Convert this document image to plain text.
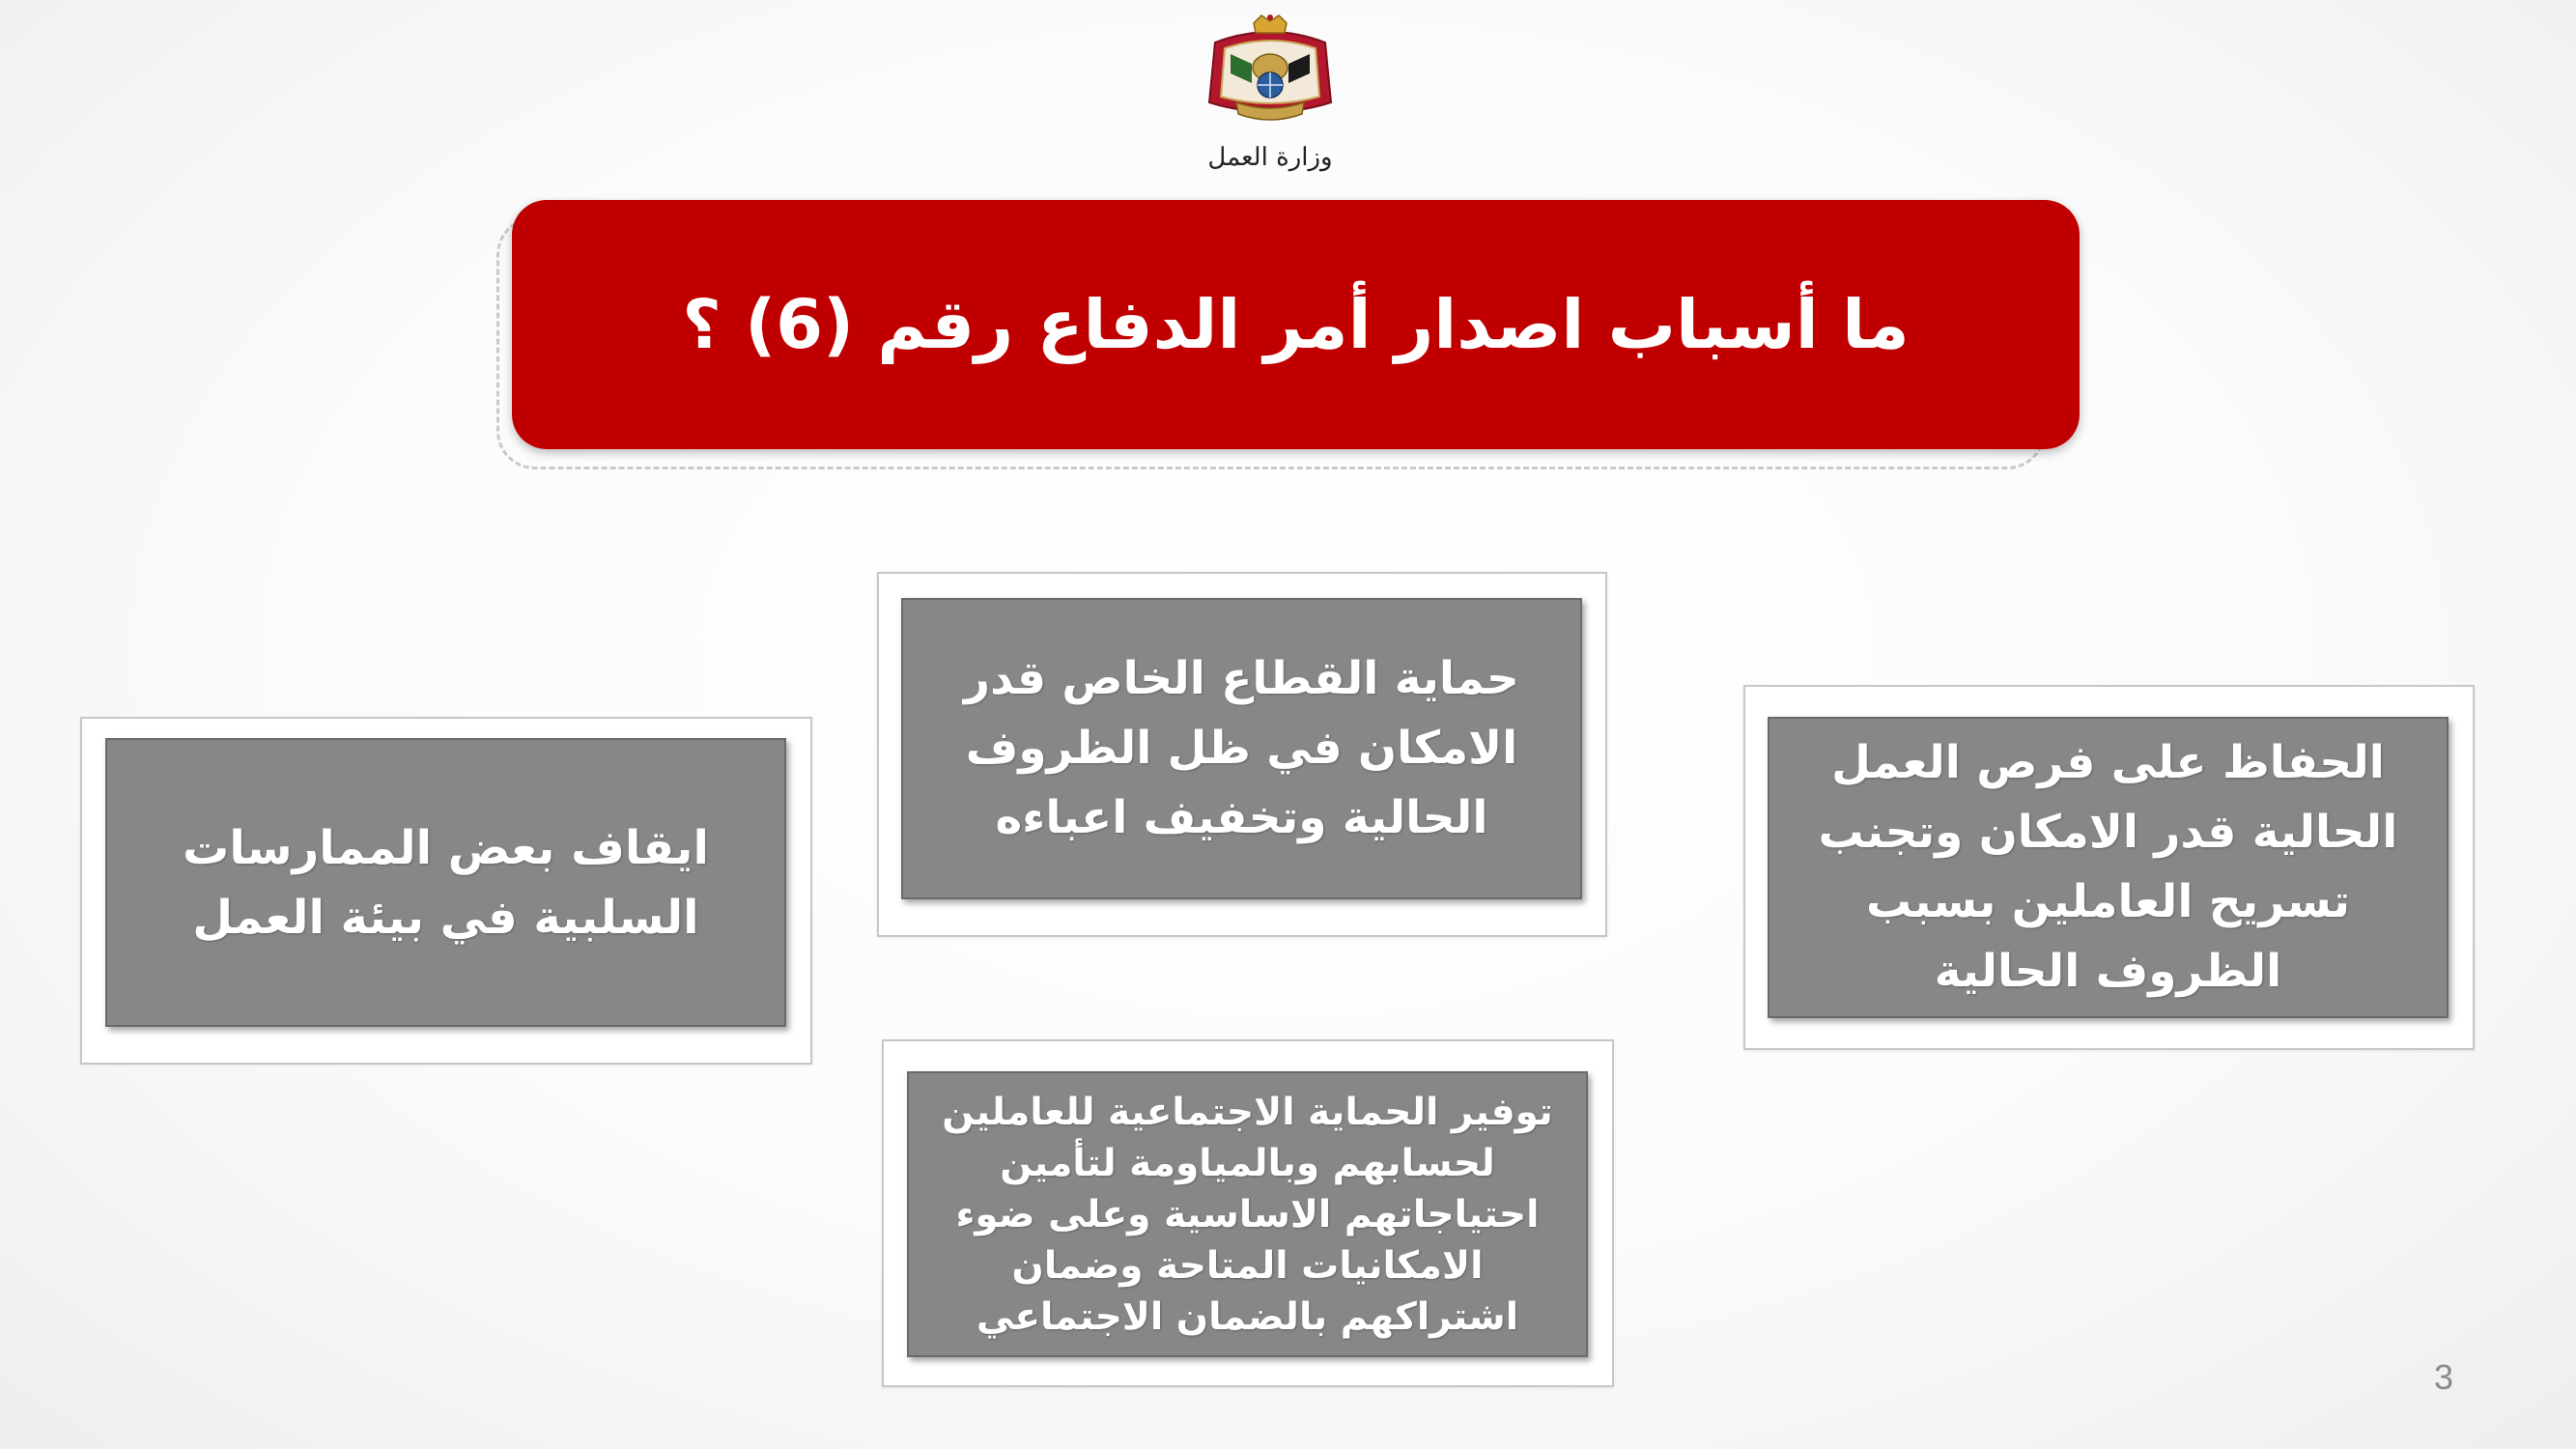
وزارة العمل
ما أسباب اصدار أمر الدفاع رقم (6) ؟
الحفاظ على فرص العمل الحالية قدر الامكان وتجنب تسريح العاملين بسبب الظروف الحالية
حماية القطاع الخاص قدر الامكان في ظل الظروف الحالية وتخفيف اعباءه
ايقاف بعض الممارسات السلبية في بيئة العمل
توفير الحماية الاجتماعية للعاملين لحسابهم وبالمياومة لتأمين احتياجاتهم الاساسية وعلى ضوء الامكانيات المتاحة وضمان اشتراكهم بالضمان الاجتماعي
3
